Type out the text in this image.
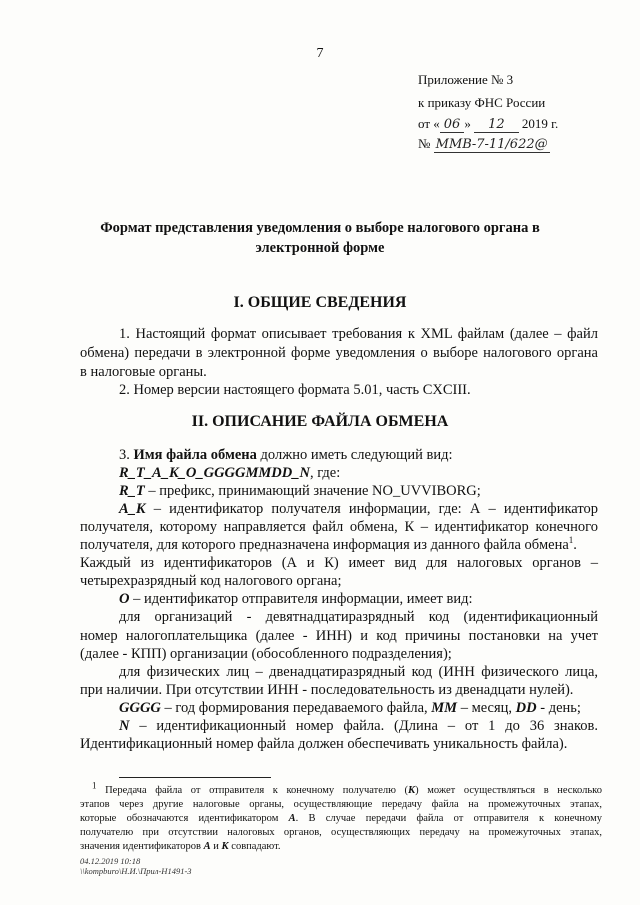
7
Приложение № 3
к приказу ФНС России
от « 06 » 12 2019 г.
№ ММВ-7-11/622@
Формат представления уведомления о выборе налогового органа в
электронной форме
I. ОБЩИЕ СВЕДЕНИЯ
1. Настоящий формат описывает требования к XML файлам (далее – файл
обмена) передачи в электронной форме уведомления о выборе налогового органа
в налоговые органы.
2. Номер версии настоящего формата 5.01, часть CXCIII.
II. ОПИСАНИЕ ФАЙЛА ОБМЕНА
3. Имя файла обмена должно иметь следующий вид:
R_T_A_K_O_GGGGMMDD_N, где:
R_T – префикс, принимающий значение NO_UVVIBORG;
A_K – идентификатор получателя информации, где: А – идентификатор
получателя, которому направляется файл обмена, К – идентификатор конечного
получателя, для которого предназначена информация из данного файла обмена$^1$.
Каждый из идентификаторов (А и К) имеет вид для налоговых органов –
четырехразрядный код налогового органа;
O – идентификатор отправителя информации, имеет вид:
для организаций - девятнадцатиразрядный код (идентификационный
номер налогоплательщика (далее - ИНН) и код причины постановки на учет
(далее - КПП) организации (обособленного подразделения);
для физических лиц – двенадцатиразрядный код (ИНН физического лица,
при наличии. При отсутствии ИНН - последовательность из двенадцати нулей).
GGGG – год формирования передаваемого файла, MM – месяц, DD - день;
N – идентификационный номер файла. (Длина – от 1 до 36 знаков.
Идентификационный номер файла должен обеспечивать уникальность файла).
$^1$ Передача файла от отправителя к конечному получателю (К) может осуществляться в несколько
этапов через другие налоговые органы, осуществляющие передачу файла на промежуточных этапах,
которые обозначаются идентификатором А. В случае передачи файла от отправителя к конечному
получателю при отсутствии налоговых органов, осуществляющих передачу на промежуточных этапах,
значения идентификаторов А и К совпадают.
04.12.2019 10:18
\\kompburo\Н.И.\Прил-Н1491-3
